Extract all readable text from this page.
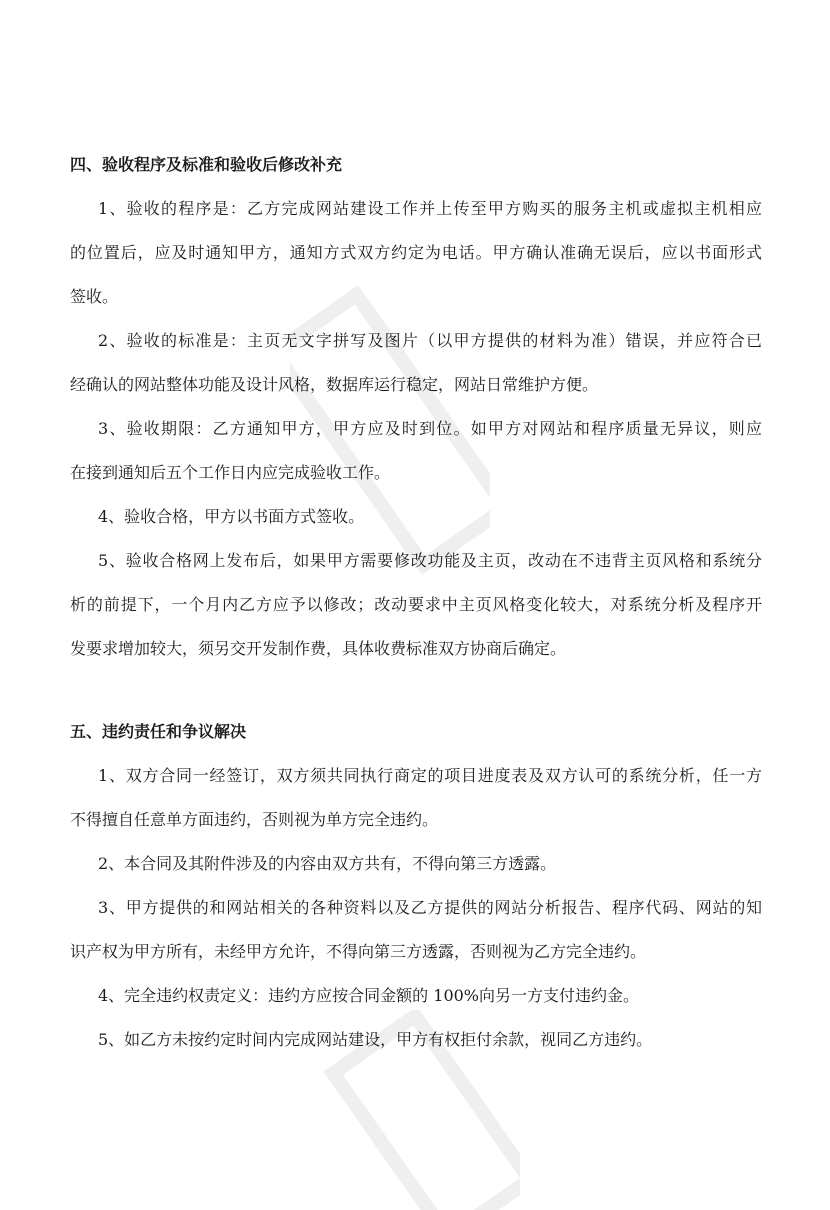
四、验收程序及标准和验收后修改补充
1、验收的程序是：乙方完成网站建设工作并上传至甲方购买的服务主机或虚拟主机相应
的位置后，应及时通知甲方，通知方式双方约定为电话。甲方确认准确无误后，应以书面形式
签收。
2、验收的标准是：主页无文字拼写及图片（以甲方提供的材料为准）错误，并应符合已
经确认的网站整体功能及设计风格，数据库运行稳定，网站日常维护方便。
3、验收期限：乙方通知甲方，甲方应及时到位。如甲方对网站和程序质量无异议，则应
在接到通知后五个工作日内应完成验收工作。
4、验收合格，甲方以书面方式签收。
5、验收合格网上发布后，如果甲方需要修改功能及主页，改动在不违背主页风格和系统分
析的前提下，一个月内乙方应予以修改；改动要求中主页风格变化较大，对系统分析及程序开
发要求增加较大，须另交开发制作费，具体收费标准双方协商后确定。
五、违约责任和争议解决
1、双方合同一经签订，双方须共同执行商定的项目进度表及双方认可的系统分析，任一方
不得擅自任意单方面违约，否则视为单方完全违约。
2、本合同及其附件涉及的内容由双方共有，不得向第三方透露。
3、甲方提供的和网站相关的各种资料以及乙方提供的网站分析报告、程序代码、网站的知
识产权为甲方所有，未经甲方允许，不得向第三方透露，否则视为乙方完全违约。
4、完全违约权责定义：违约方应按合同金额的 100%向另一方支付违约金。
5、如乙方未按约定时间内完成网站建设，甲方有权拒付余款，视同乙方违约。
